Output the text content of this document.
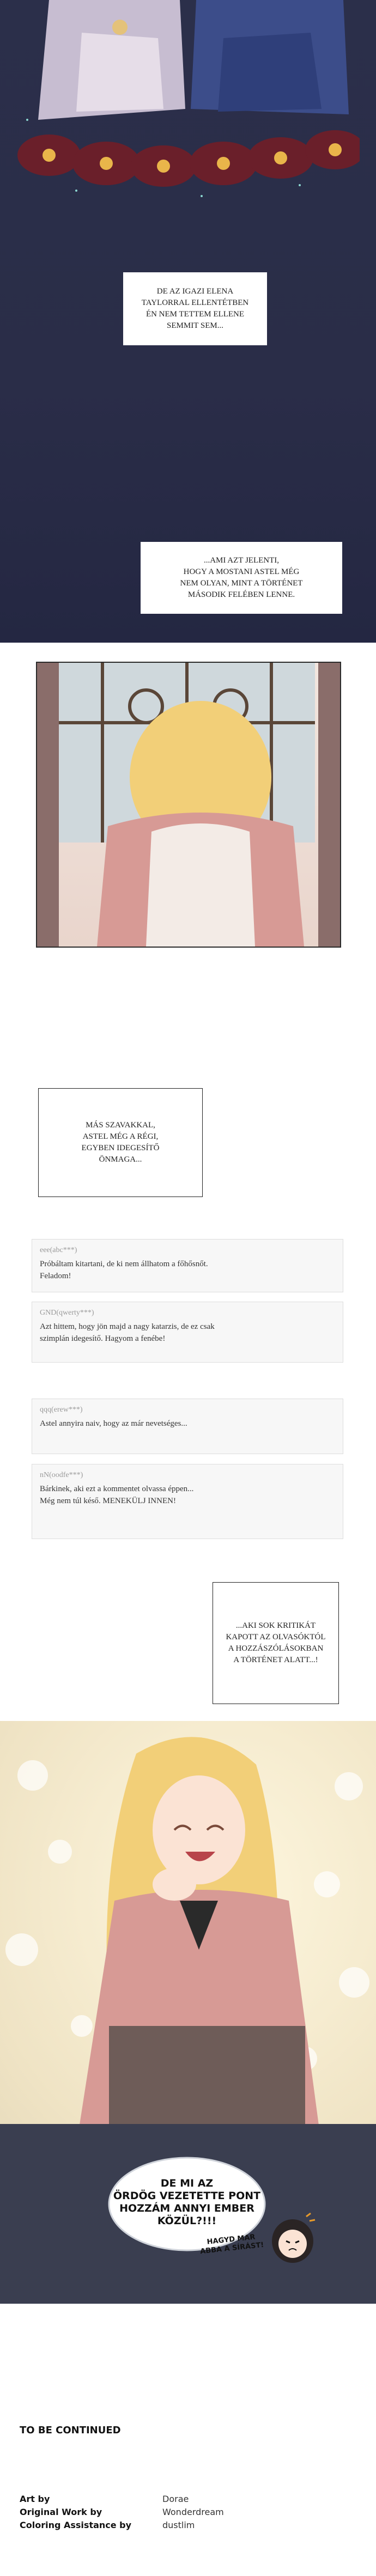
DE AZ IGAZI ELENA
TAYLORRAL ELLENTÉTBEN
ÉN NEM TETTEM ELLENE
SEMMIT SEM...
...AMI AZT JELENTI,
HOGY A MOSTANI ASTEL MÉG
NEM OLYAN, MINT A TÖRTÉNET
MÁSODIK FELÉBEN LENNE.
MÁS SZAVAKKAL,
ASTEL MÉG A RÉGI,
EGYBEN IDEGESÍTŐ
ÖNMAGA...
eee(abc***)
Próbáltam kitartani, de ki nem állhatom a főhősnőt.
Feladom!
GND(qwerty***)
Azt hittem, hogy jön majd a nagy katarzis, de ez csak
szimplán idegesítő. Hagyom a fenébe!
qqq(erew***)
Astel annyira naiv, hogy az már nevetséges...
nN(oodfe***)
Bárkinek, aki ezt a kommentet olvassa éppen...
Még nem túl késő. MENEKÜLJ INNEN!
...AKI SOK KRITIKÁT
KAPOTT AZ OLVASÓKTÓL
A HOZZÁSZÓLÁSOKBAN
A TÖRTÉNET ALATT...!
DE MI AZ
ÖRDÖG VEZETETTE PONT
HOZZÁM ANNYI EMBER
KÖZÜL?!!!
HAGYD MAR
ABBA A SÍRÁST!
TO BE CONTINUED
Art by	Dorae
Original Work by	Wonderdream
Coloring Assistance by	dustlim
